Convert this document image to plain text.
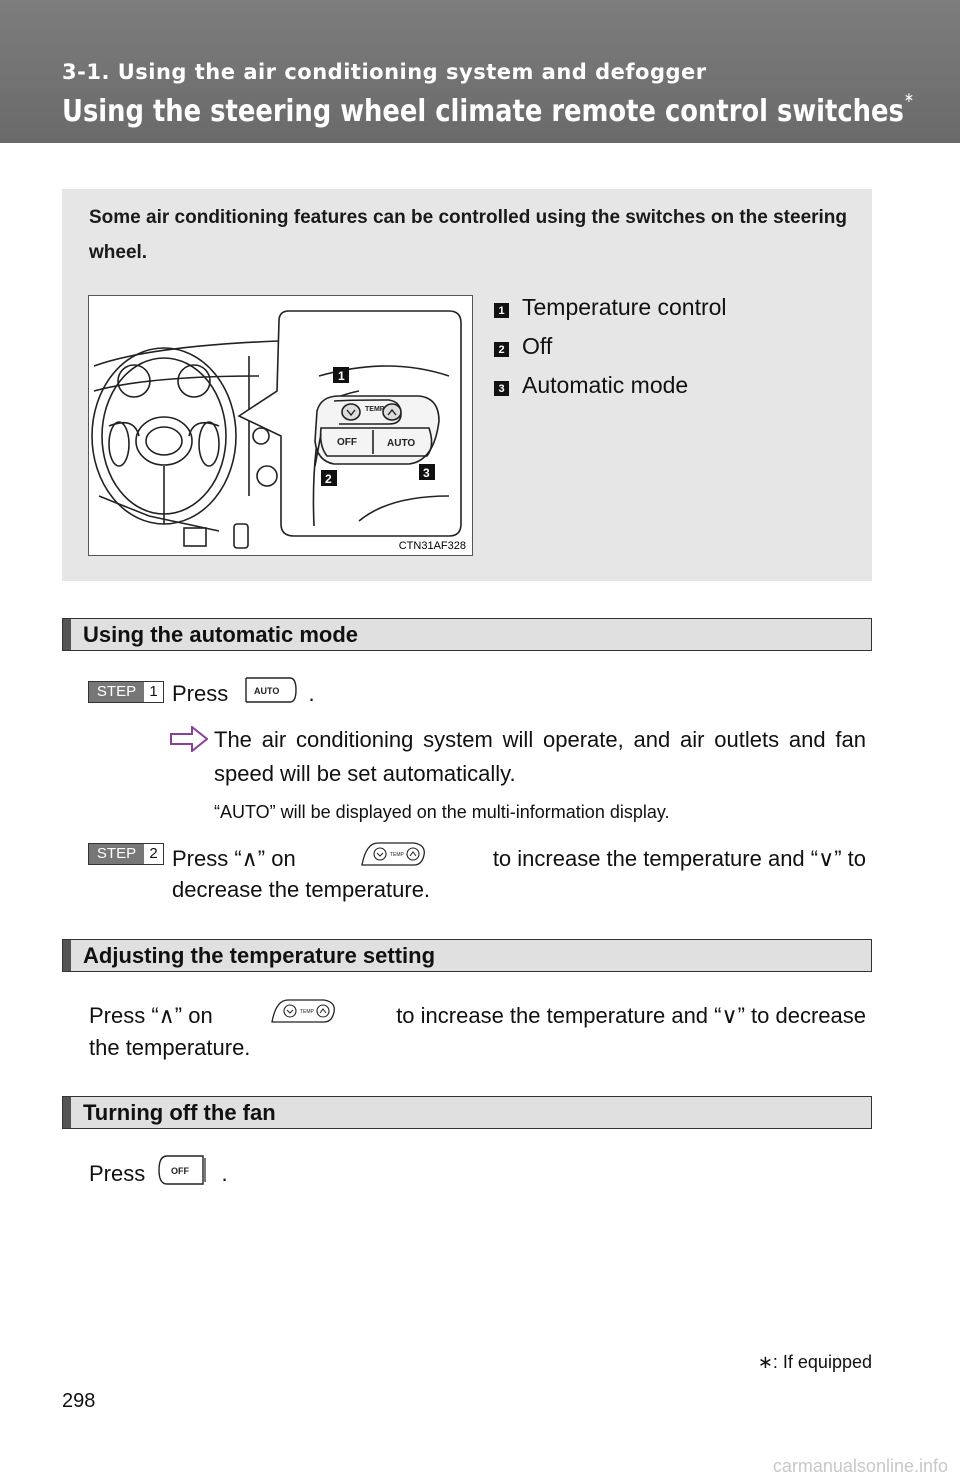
3-1. Using the air conditioning system and defogger
Using the steering wheel climate remote control switches∗
Some air conditioning features can be controlled using the switches on the steering wheel.
TEMP
OFF	AUTO
1
2	3
CTN31AF328
1 Temperature control
2 Off
3 Automatic mode
Using the automatic mode
STEP 1 Press	AUTO .
The air conditioning system will operate, and air outlets and fan speed will be set automatically.
“AUTO” will be displayed on the multi-information display.
STEP 2 Press “∧” on	TEMP	to increase the temperature and “∨” to
decrease the temperature.
Adjusting the temperature setting
Press “∧” on	TEMP	to increase the temperature and “∨” to decrease
the temperature.
Turning off the fan
Press	OFF .
∗: If equipped
298
carmanualsonline.info
